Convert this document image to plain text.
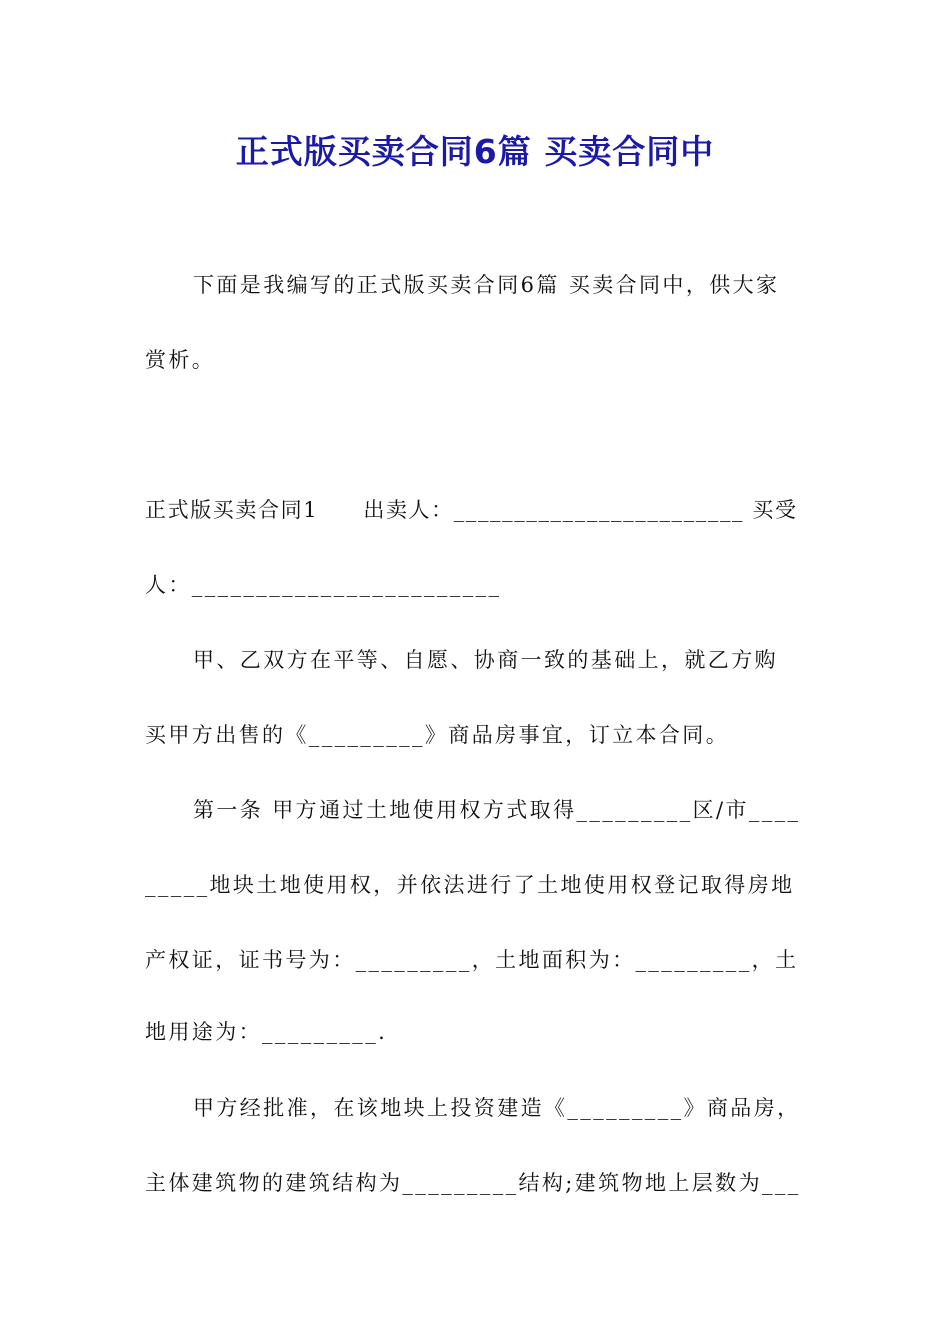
正式版买卖合同6篇 买卖合同中
下面是我编写的正式版买卖合同6篇 买卖合同中，供大家
赏析。
正式版买卖合同1　　出卖人：________________________ 买受
人：________________________
甲、乙双方在平等、自愿、协商一致的基础上，就乙方购
买甲方出售的《_________》商品房事宜，订立本合同。
第一条 甲方通过土地使用权方式取得_________区/市____
_____地块土地使用权，并依法进行了土地使用权登记取得房地
产权证，证书号为：_________，土地面积为：_________，土
地用途为：_________.
甲方经批准，在该地块上投资建造《_________》商品房，
主体建筑物的建筑结构为_________结构;建筑物地上层数为___
